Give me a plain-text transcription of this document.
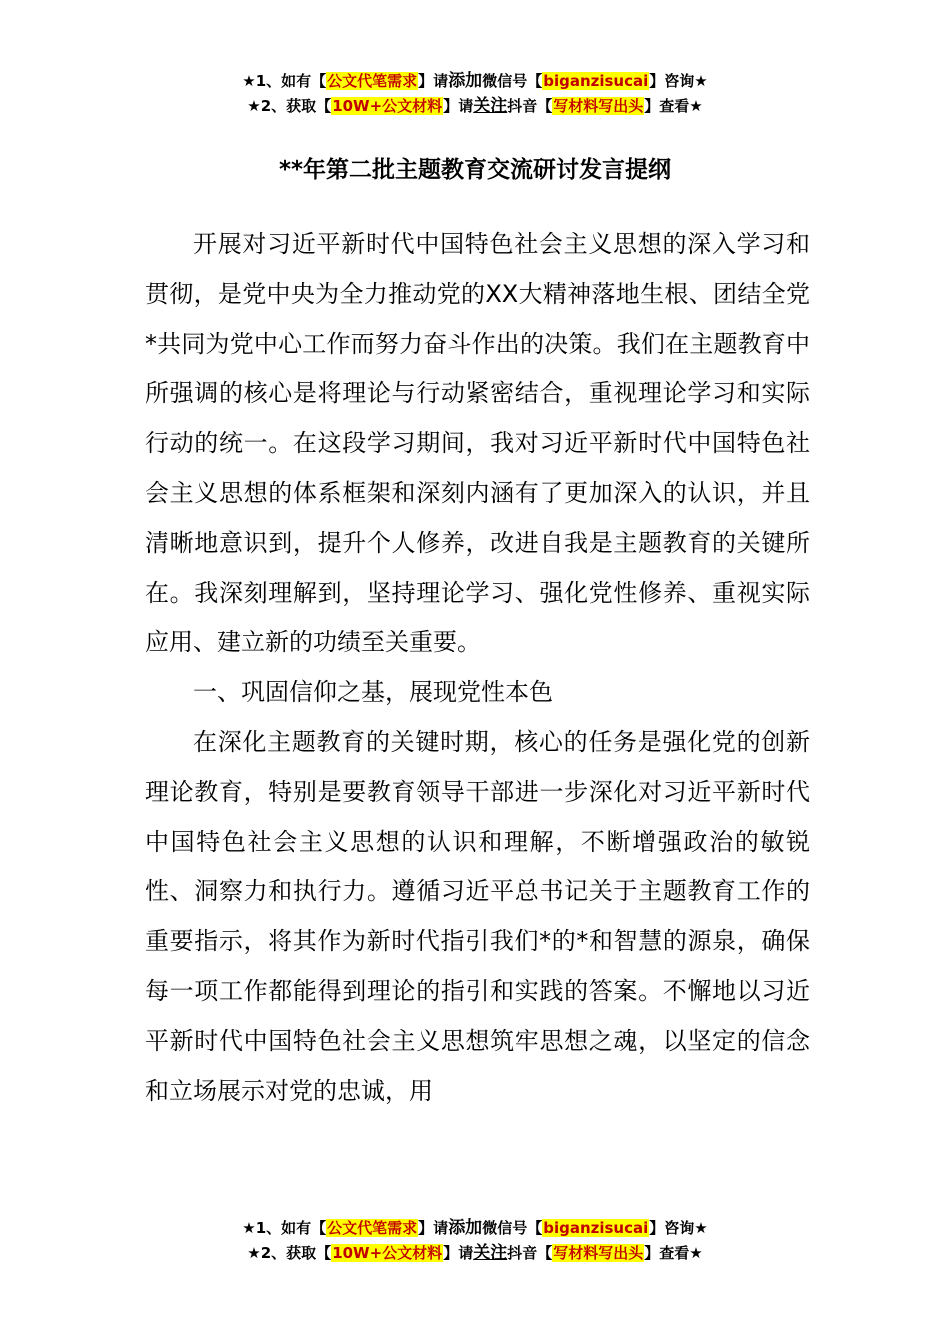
★1、如有【公文代笔需求】请添加微信号【biganzisucai】咨询★
★2、获取【10W+公文材料】请关注抖音【写材料写出头】查看★
**年第二批主题教育交流研讨发言提纲

开展对习近平新时代中国特色社会主义思想的深入学习和贯彻，是党中央为全力推动党的XX大精神落地生根、团结全党*共同为党中心工作而努力奋斗作出的决策。我们在主题教育中所强调的核心是将理论与行动紧密结合，重视理论学习和实际行动的统一。在这段学习期间，我对习近平新时代中国特色社会主义思想的体系框架和深刻内涵有了更加深入的认识，并且清晰地意识到，提升个人修养，改进自我是主题教育的关键所在。我深刻理解到，坚持理论学习、强化党性修养、重视实际应用、建立新的功绩至关重要。

一、巩固信仰之基，展现党性本色

在深化主题教育的关键时期，核心的任务是强化党的创新理论教育，特别是要教育领导干部进一步深化对习近平新时代中国特色社会主义思想的认识和理解，不断增强政治的敏锐性、洞察力和执行力。遵循习近平总书记关于主题教育工作的重要指示，将其作为新时代指引我们*的*和智慧的源泉，确保每一项工作都能得到理论的指引和实践的答案。不懈地以习近平新时代中国特色社会主义思想筑牢思想之魂，以坚定的信念和立场展示对党的忠诚，用

★1、如有【公文代笔需求】请添加微信号【biganzisucai】咨询★
★2、获取【10W+公文材料】请关注抖音【写材料写出头】查看★
